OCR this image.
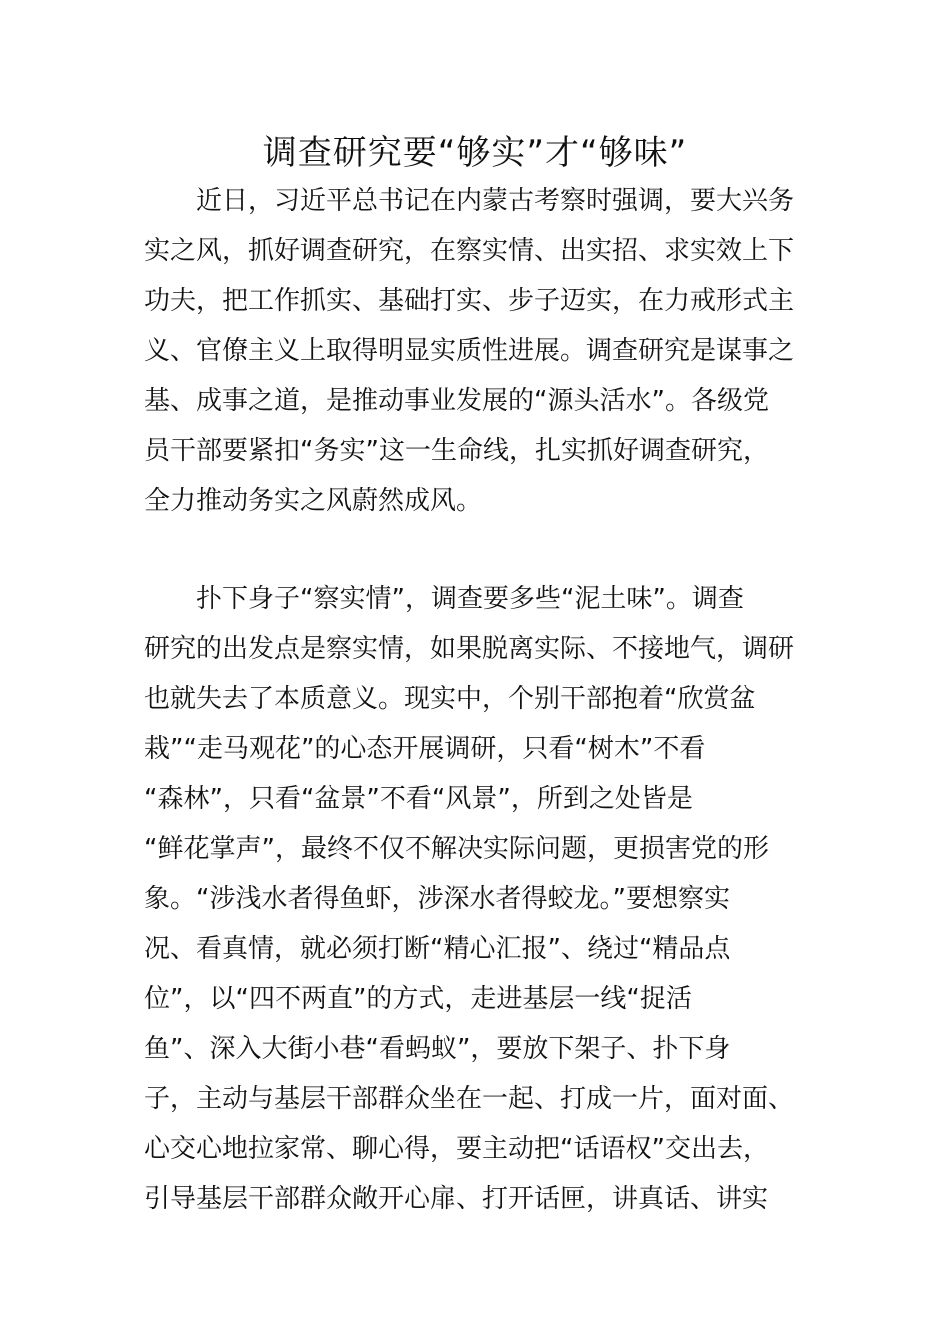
调查研究要“够实”才“够味”
近日，习近平总书记在内蒙古考察时强调，要大兴务
实之风，抓好调查研究，在察实情、出实招、求实效上下
功夫，把工作抓实、基础打实、步子迈实，在力戒形式主
义、官僚主义上取得明显实质性进展。调查研究是谋事之
基、成事之道，是推动事业发展的“源头活水”。各级党
员干部要紧扣“务实”这一生命线，扎实抓好调查研究，
全力推动务实之风蔚然成风。
扑下身子“察实情”，调查要多些“泥土味”。调查
研究的出发点是察实情，如果脱离实际、不接地气，调研
也就失去了本质意义。现实中，个别干部抱着“欣赏盆
栽”“走马观花”的心态开展调研，只看“树木”不看
“森林”，只看“盆景”不看“风景”，所到之处皆是
“鲜花掌声”，最终不仅不解决实际问题，更损害党的形
象。“涉浅水者得鱼虾，涉深水者得蛟龙。”要想察实
况、看真情，就必须打断“精心汇报”、绕过“精品点
位”，以“四不两直”的方式，走进基层一线“捉活
鱼”、深入大街小巷“看蚂蚁”，要放下架子、扑下身
子，主动与基层干部群众坐在一起、打成一片，面对面、
心交心地拉家常、聊心得，要主动把“话语权”交出去，
引导基层干部群众敞开心扉、打开话匣，讲真话、讲实
